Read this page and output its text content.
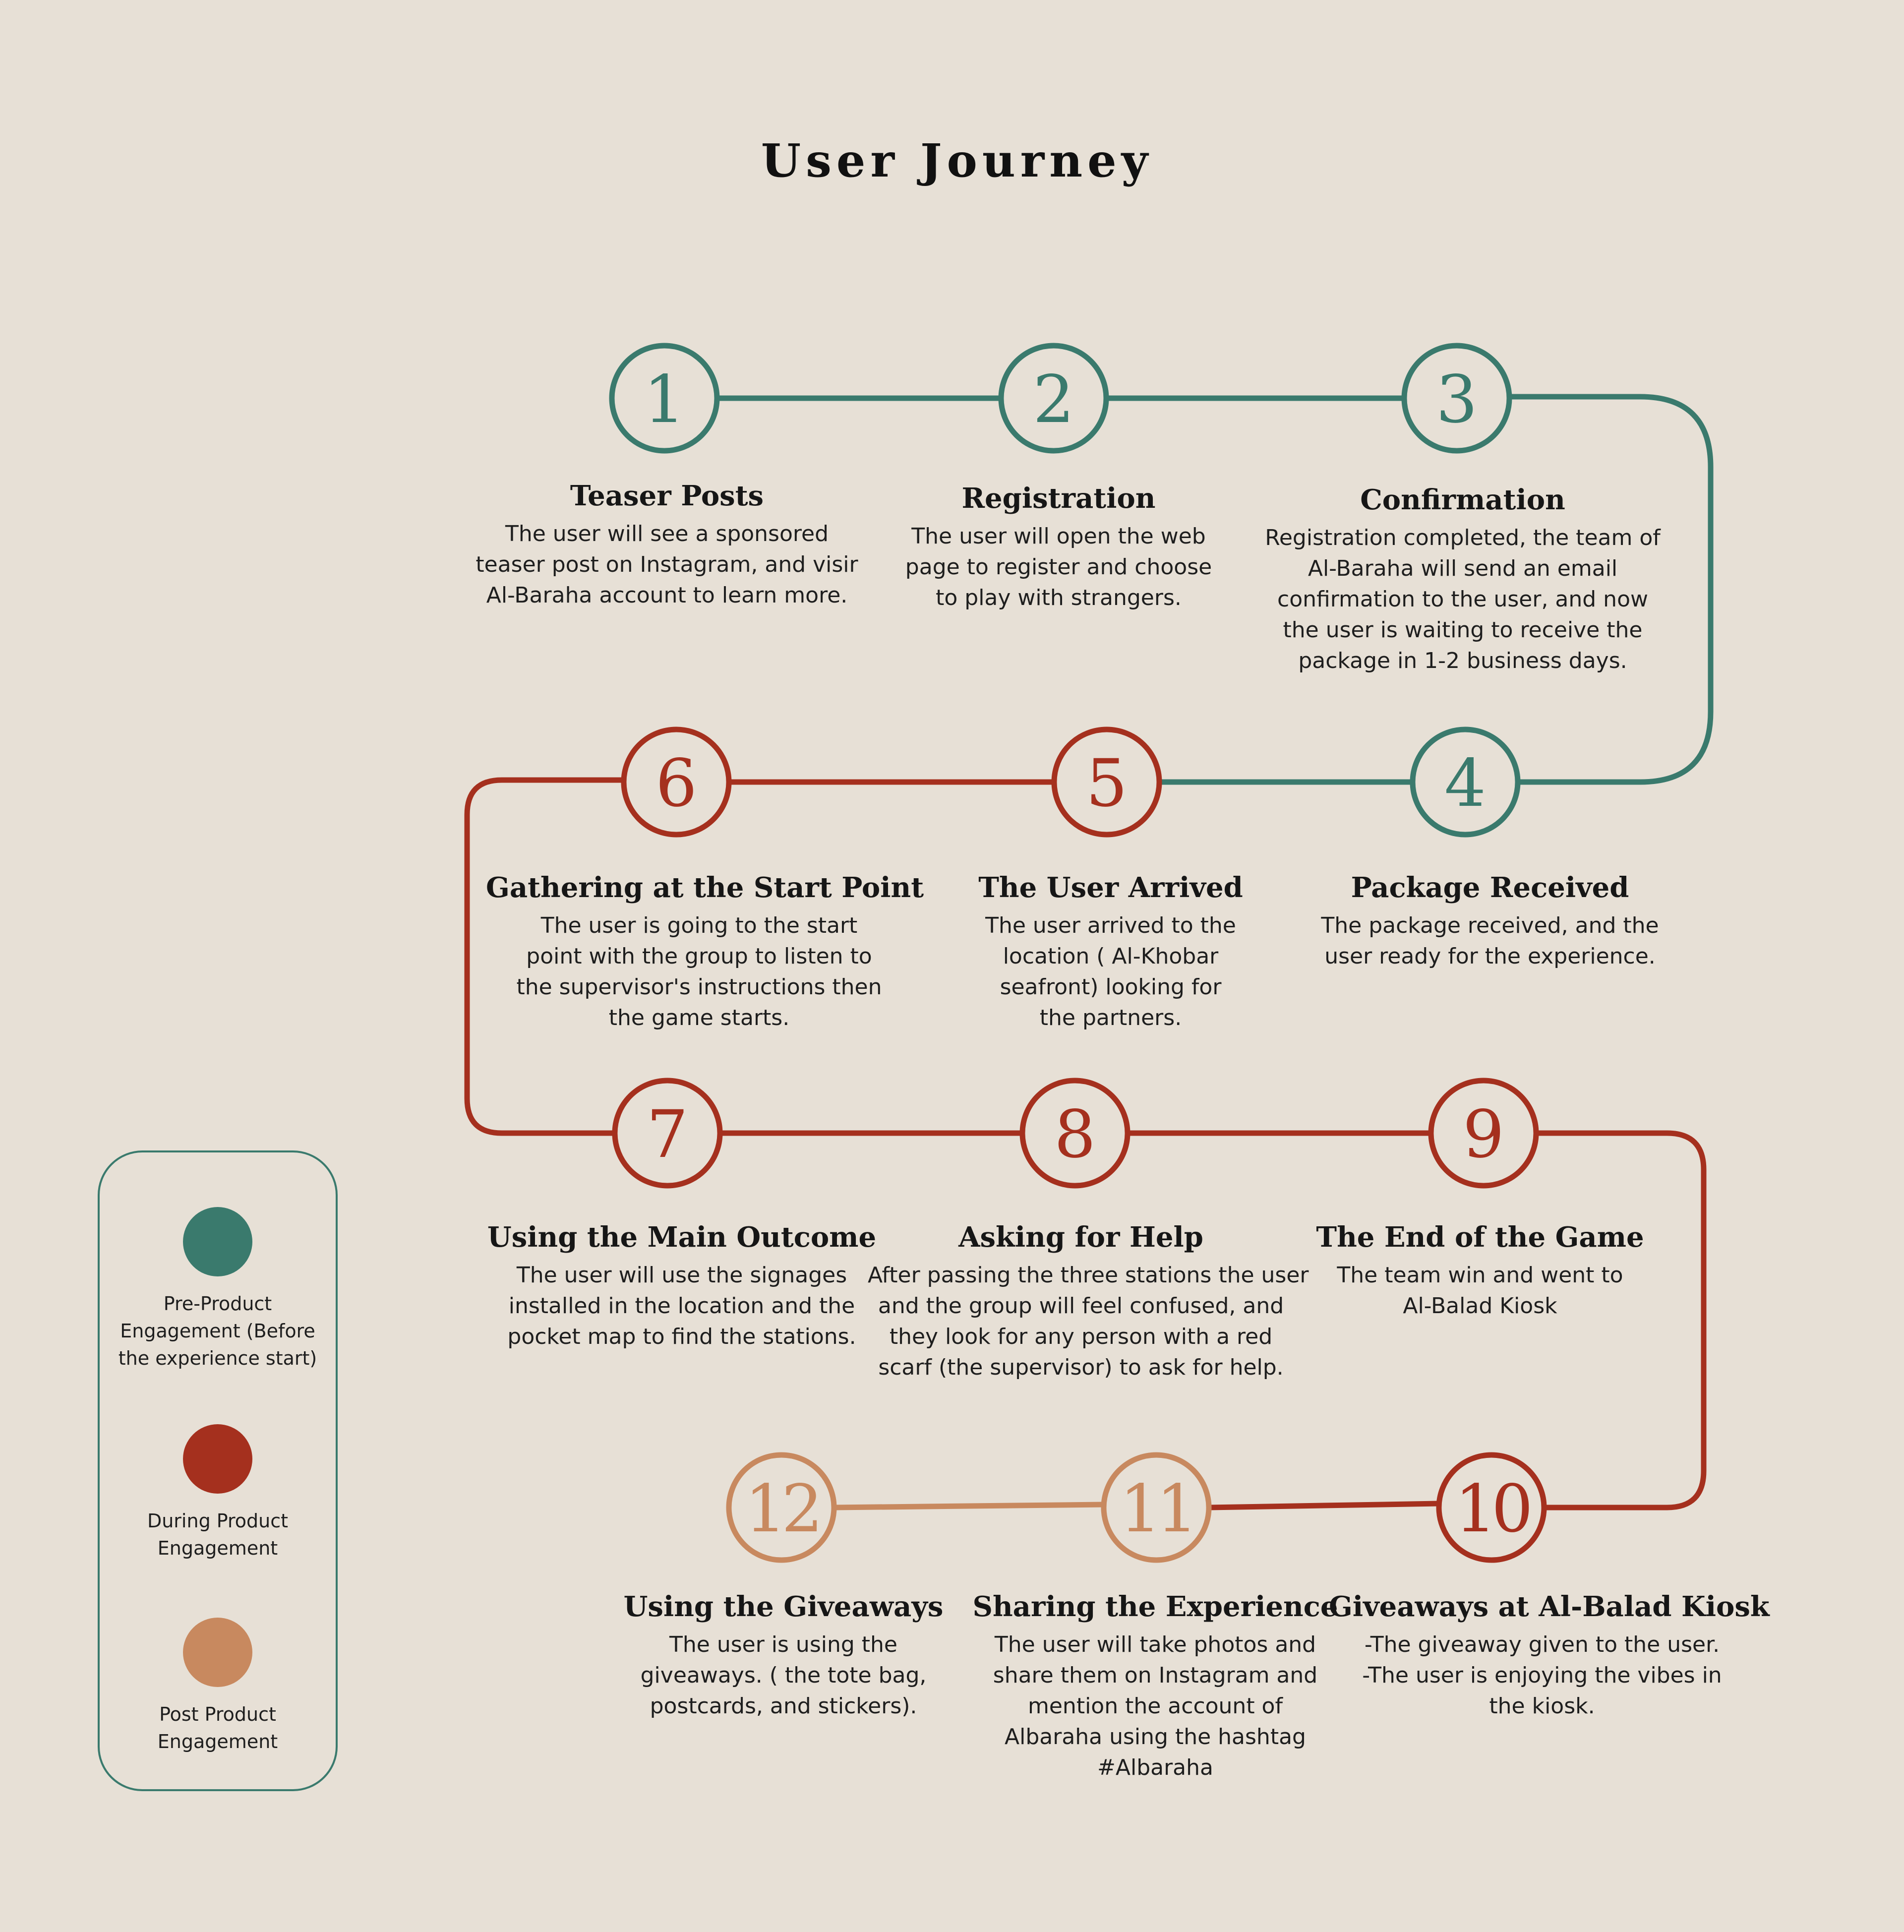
1	2	3
4
5
6
7	8	9
10
11
12
User Journey
Teaser Posts
The user will see a sponsored
teaser post on Instagram, and visir
Al-Baraha account to learn more.
Registration
The user will open the web
page to register and choose
to play with strangers.
Confirmation
Registration completed, the team of
Al-Baraha will send an email
confirmation to the user, and now
the user is waiting to receive the
package in 1-2 business days.
Package Received
The package received, and the
user ready for the experience.
The User Arrived
The user arrived to the
location ( Al-Khobar
seafront) looking for
the partners.
Gathering at the Start Point
The user is going to the start
point with the group to listen to
the supervisor's instructions then
the game starts.
Using the Main Outcome
The user will use the signages
installed in the location and the
pocket map to find the stations.
Asking for Help
After passing the three stations the user
and the group will feel confused, and
they look for any person with a red
scarf (the supervisor) to ask for help.
The End of the Game
The team win and went to
Al-Balad Kiosk
Giveaways at Al-Balad Kiosk
-The giveaway given to the user.
-The user is enjoying the vibes in
the kiosk.
Sharing the Experience
The user will take photos and
share them on Instagram and
mention the account of
Albaraha using the hashtag
#Albaraha
Using the Giveaways
The user is using the
giveaways. ( the tote bag,
postcards, and stickers).
Pre-Product
Engagement (Before
the experience start)
During Product
Engagement
Post Product
Engagement
